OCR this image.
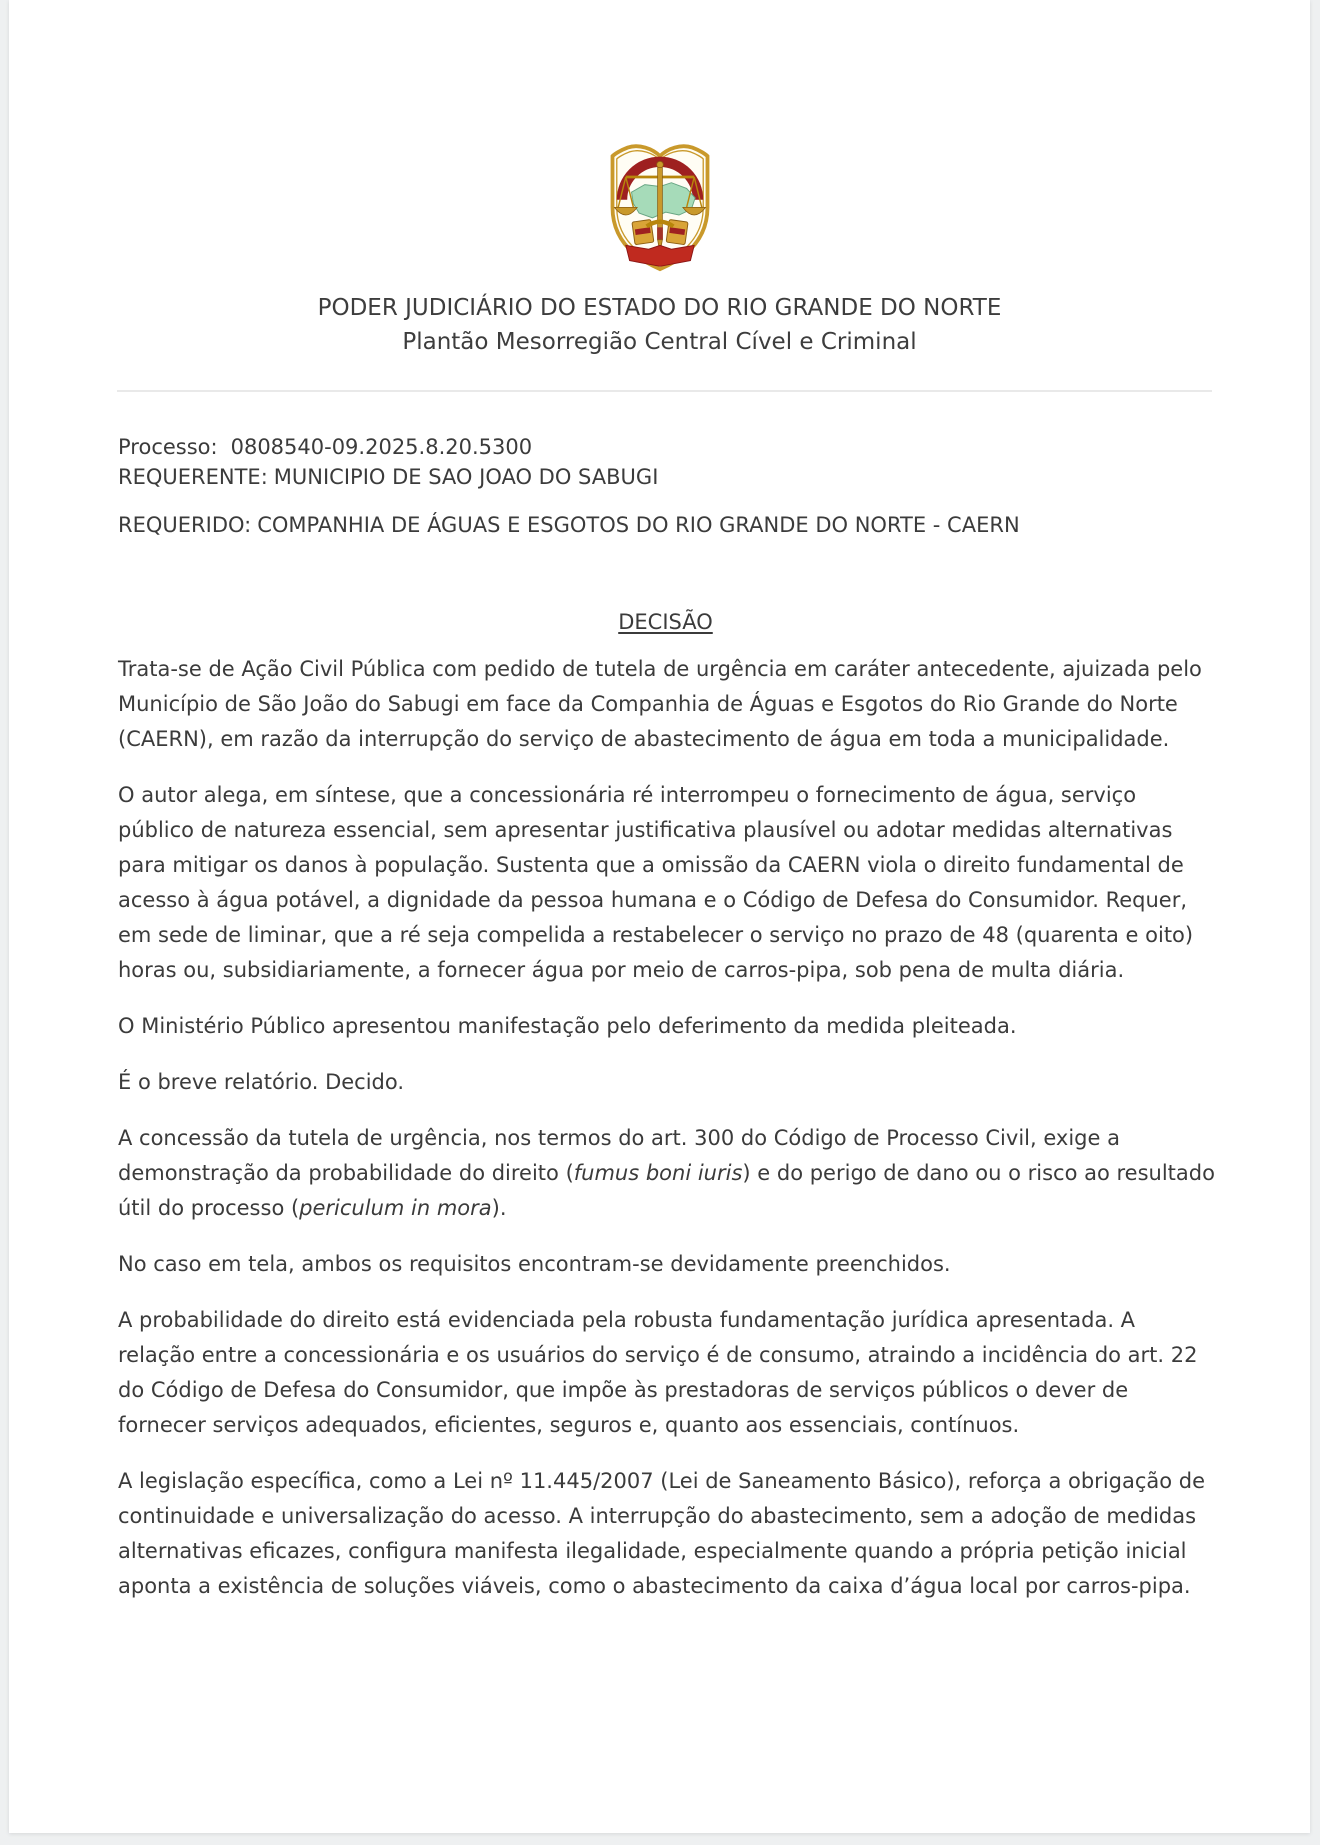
PODER JUDICIÁRIO DO ESTADO DO RIO GRANDE DO NORTE
Plantão Mesorregião Central Cível e Criminal
Processo: 0808540-09.2025.8.20.5300
REQUERENTE: MUNICIPIO DE SAO JOAO DO SABUGI
REQUERIDO: COMPANHIA DE ÁGUAS E ESGOTOS DO RIO GRANDE DO NORTE - CAERN
DECISÃO

Trata-se de Ação Civil Pública com pedido de tutela de urgência em caráter antecedente, ajuizada pelo Município de São João do Sabugi em face da Companhia de Águas e Esgotos do Rio Grande do Norte (CAERN), em razão da interrupção do serviço de abastecimento de água em toda a municipalidade.

O autor alega, em síntese, que a concessionária ré interrompeu o fornecimento de água, serviço público de natureza essencial, sem apresentar justificativa plausível ou adotar medidas alternativas para mitigar os danos à população. Sustenta que a omissão da CAERN viola o direito fundamental de acesso à água potável, a dignidade da pessoa humana e o Código de Defesa do Consumidor. Requer, em sede de liminar, que a ré seja compelida a restabelecer o serviço no prazo de 48 (quarenta e oito) horas ou, subsidiariamente, a fornecer água por meio de carros-pipa, sob pena de multa diária.

O Ministério Público apresentou manifestação pelo deferimento da medida pleiteada.

É o breve relatório. Decido.

A concessão da tutela de urgência, nos termos do art. 300 do Código de Processo Civil, exige a demonstração da probabilidade do direito (fumus boni iuris) e do perigo de dano ou o risco ao resultado útil do processo (periculum in mora).

No caso em tela, ambos os requisitos encontram-se devidamente preenchidos.

A probabilidade do direito está evidenciada pela robusta fundamentação jurídica apresentada. A relação entre a concessionária e os usuários do serviço é de consumo, atraindo a incidência do art. 22 do Código de Defesa do Consumidor, que impõe às prestadoras de serviços públicos o dever de fornecer serviços adequados, eficientes, seguros e, quanto aos essenciais, contínuos.

A legislação específica, como a Lei nº 11.445/2007 (Lei de Saneamento Básico), reforça a obrigação de continuidade e universalização do acesso. A interrupção do abastecimento, sem a adoção de medidas alternativas eficazes, configura manifesta ilegalidade, especialmente quando a própria petição inicial aponta a existência de soluções viáveis, como o abastecimento da caixa d’água local por carros-pipa.
